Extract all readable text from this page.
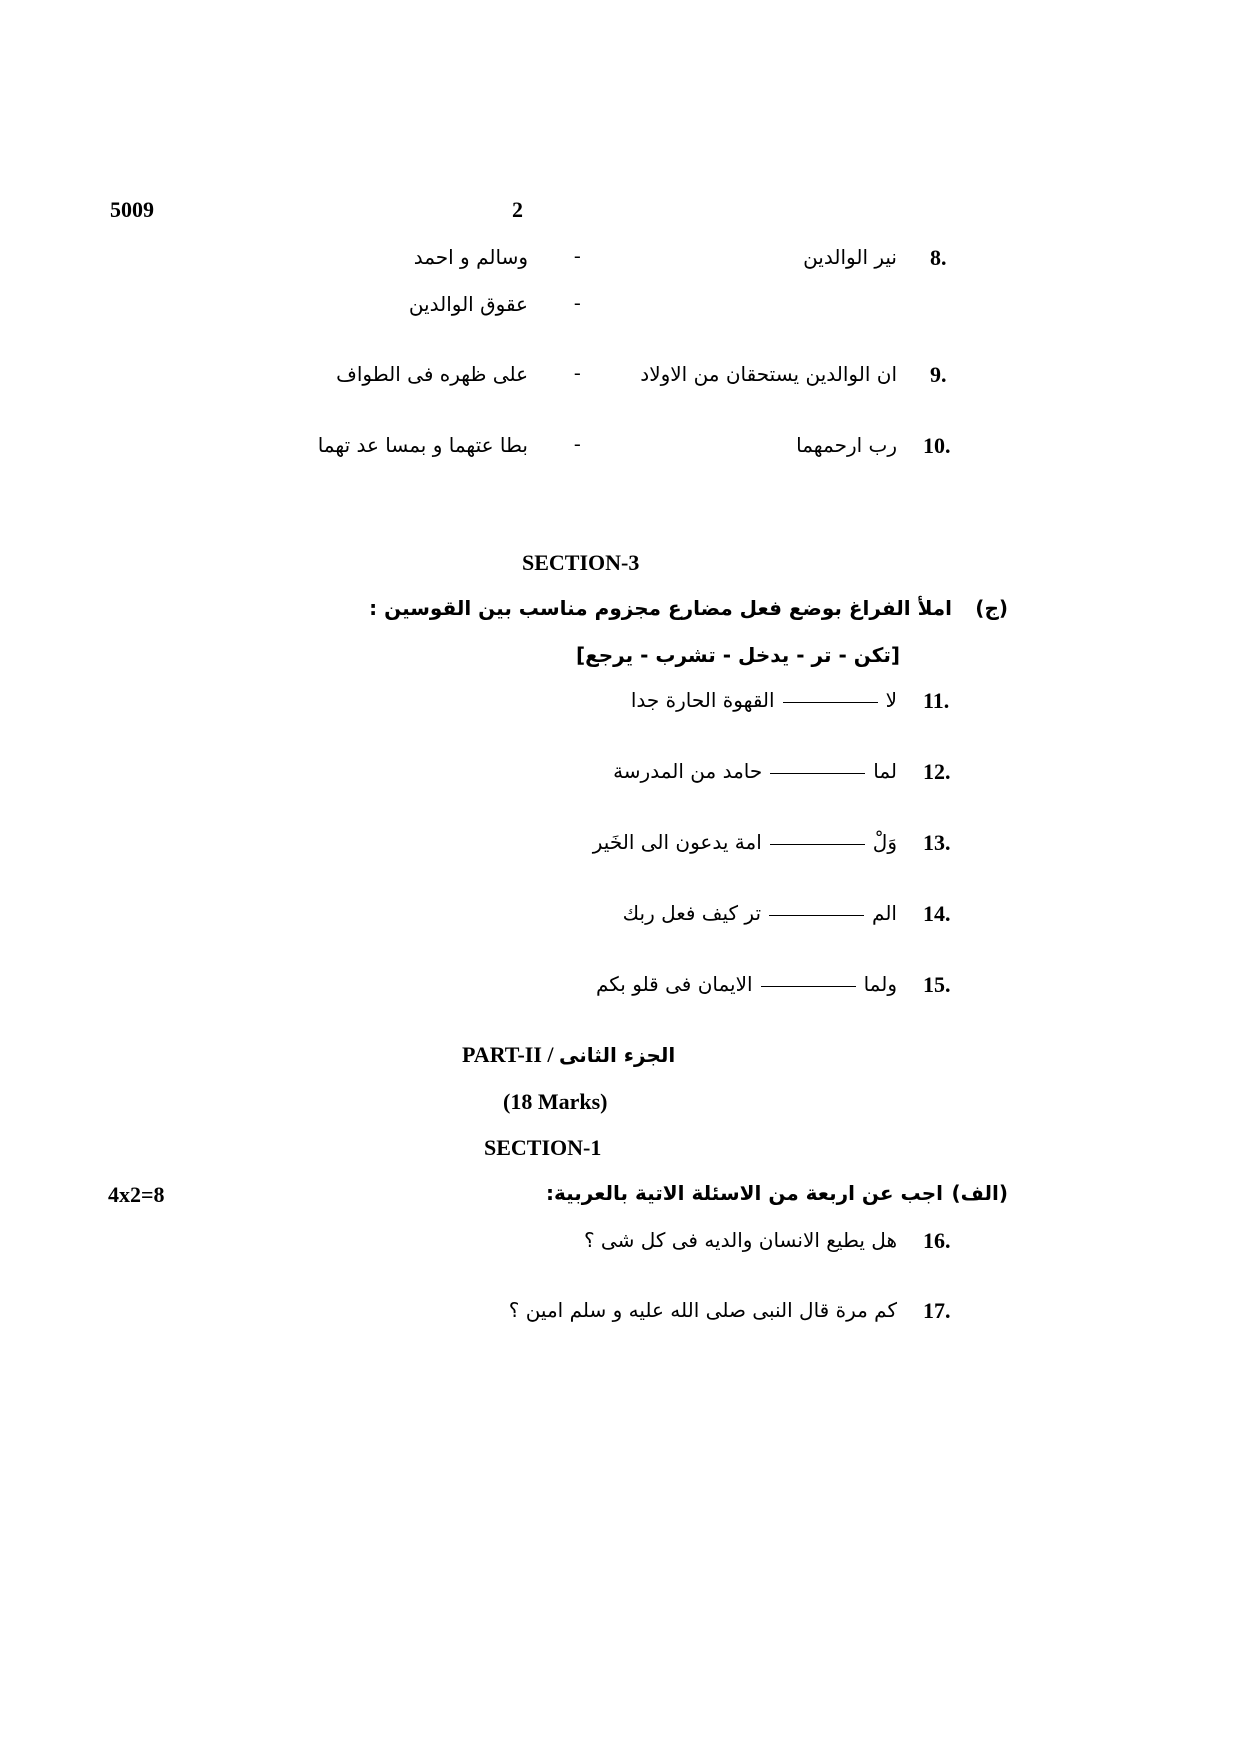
5009	2
8.
نير الوالدين
-
وسالم و احمد
-
عقوق الوالدين
9.
ان الوالدين يستحقان من الاولاد
-
على ظهره فى الطواف
10.
رب ارحمهما
-
بطا عتهما و بمسا عد تهما
SECTION-3
(ج)
املأ الفراغ بوضع فعل مضارع مجزوم مناسب بين القوسين :
[تكن - تر - يدخل - تشرب - يرجع]
11.
لاالقهوة الحارة جدا
12.
لماحامد من المدرسة
13.
وَلْامة يدعون الى الخَير
14.
المتر كيف فعل ربك
15.
ولماالايمان فى قلو بكم
PART-II / الجزء الثانى
(18 Marks)
SECTION-1
4x2=8	(الف)
اجب عن اربعة من الاسئلة الاتية بالعربية:
16.
هل يطيع الانسان والديه فى كل شى ؟
17.
كم مرة قال النبى صلى الله عليه و سلم امين ؟
